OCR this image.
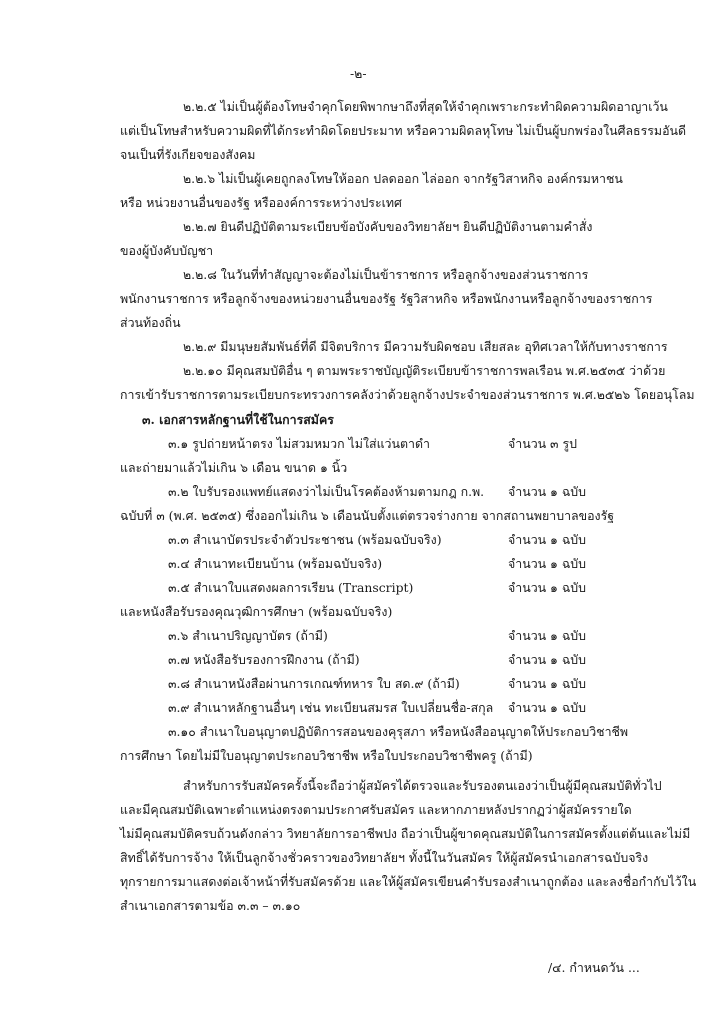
-๒-
๒.๒.๕ ไม่เป็นผู้ต้องโทษจำคุกโดยพิพากษาถึงที่สุดให้จำคุกเพราะกระทำผิดความผิดอาญาเว้น
แต่เป็นโทษสำหรับความผิดที่ได้กระทำผิดโดยประมาท หรือความผิดลหุโทษ ไม่เป็นผู้บกพร่องในศีลธรรมอันดี
จนเป็นที่รังเกียจของสังคม
๒.๒.๖ ไม่เป็นผู้เคยถูกลงโทษให้ออก ปลดออก ไล่ออก จากรัฐวิสาหกิจ องค์กรมหาชน
หรือ หน่วยงานอื่นของรัฐ หรือองค์การระหว่างประเทศ
๒.๒.๗ ยินดีปฏิบัติตามระเบียบข้อบังคับของวิทยาลัยฯ ยินดีปฏิบัติงานตามคำสั่ง
ของผู้บังคับบัญชา
๒.๒.๘ ในวันที่ทำสัญญาจะต้องไม่เป็นข้าราชการ หรือลูกจ้างของส่วนราชการ
พนักงานราชการ หรือลูกจ้างของหน่วยงานอื่นของรัฐ รัฐวิสาหกิจ หรือพนักงานหรือลูกจ้างของราชการ
ส่วนท้องถิ่น
๒.๒.๙ มีมนุษยสัมพันธ์ที่ดี มีจิตบริการ มีความรับผิดชอบ เสียสละ อุทิศเวลาให้กับทางราชการ
๒.๒.๑๐ มีคุณสมบัติอื่น ๆ ตามพระราชบัญญัติระเบียบข้าราชการพลเรือน พ.ศ.๒๕๓๕ ว่าด้วย
การเข้ารับราชการตามระเบียบกระทรวงการคลังว่าด้วยลูกจ้างประจำของส่วนราชการ พ.ศ.๒๕๒๖ โดยอนุโลม
๓. เอกสารหลักฐานที่ใช้ในการสมัคร
๓.๑ รูปถ่ายหน้าตรง ไม่สวมหมวก ไม่ใส่แว่นตาดำ	จำนวน ๓ รูป
และถ่ายมาแล้วไม่เกิน ๖ เดือน ขนาด ๑ นิ้ว
๓.๒ ใบรับรองแพทย์แสดงว่าไม่เป็นโรคต้องห้ามตามกฎ ก.พ. จำนวน ๑ ฉบับ
ฉบับที่ ๓ (พ.ศ. ๒๕๓๕) ซึ่งออกไม่เกิน ๖ เดือนนับตั้งแต่ตรวจร่างกาย จากสถานพยาบาลของรัฐ
๓.๓ สำเนาบัตรประจำตัวประชาชน (พร้อมฉบับจริง)	จำนวน ๑ ฉบับ
๓.๔ สำเนาทะเบียนบ้าน (พร้อมฉบับจริง)	จำนวน ๑ ฉบับ
๓.๕ สำเนาใบแสดงผลการเรียน (Transcript)	จำนวน ๑ ฉบับ
และหนังสือรับรองคุณวุฒิการศึกษา (พร้อมฉบับจริง)
๓.๖ สำเนาปริญญาบัตร (ถ้ามี)	จำนวน ๑ ฉบับ
๓.๗ หนังสือรับรองการฝึกงาน (ถ้ามี)	จำนวน ๑ ฉบับ
๓.๘ สำเนาหนังสือผ่านการเกณฑ์ทหาร ใบ สด.๙ (ถ้ามี)	จำนวน ๑ ฉบับ
๓.๙ สำเนาหลักฐานอื่นๆ เช่น ทะเบียนสมรส ใบเปลี่ยนชื่อ-สกุล จำนวน ๑ ฉบับ
๓.๑๐ สำเนาใบอนุญาตปฏิบัติการสอนของคุรุสภา หรือหนังสืออนุญาตให้ประกอบวิชาชีพ
การศึกษา โดยไม่มีใบอนุญาตประกอบวิชาชีพ หรือใบประกอบวิชาชีพครู (ถ้ามี)
สำหรับการรับสมัครครั้งนี้จะถือว่าผู้สมัครได้ตรวจและรับรองตนเองว่าเป็นผู้มีคุณสมบัติทั่วไป
และมีคุณสมบัติเฉพาะตำแหน่งตรงตามประกาศรับสมัคร และหากภายหลังปรากฏว่าผู้สมัครรายใด
ไม่มีคุณสมบัติครบถ้วนดังกล่าว วิทยาลัยการอาชีพปง ถือว่าเป็นผู้ขาดคุณสมบัติในการสมัครตั้งแต่ต้นและไม่มี
สิทธิ์ได้รับการจ้าง ให้เป็นลูกจ้างชั่วคราวของวิทยาลัยฯ ทั้งนี้ในวันสมัคร ให้ผู้สมัครนำเอกสารฉบับจริง
ทุกรายการมาแสดงต่อเจ้าหน้าที่รับสมัครด้วย และให้ผู้สมัครเขียนคำรับรองสำเนาถูกต้อง และลงชื่อกำกับไว้ใน
สำเนาเอกสารตามข้อ ๓.๓ – ๓.๑๐
/๔. กำหนดวัน ...
